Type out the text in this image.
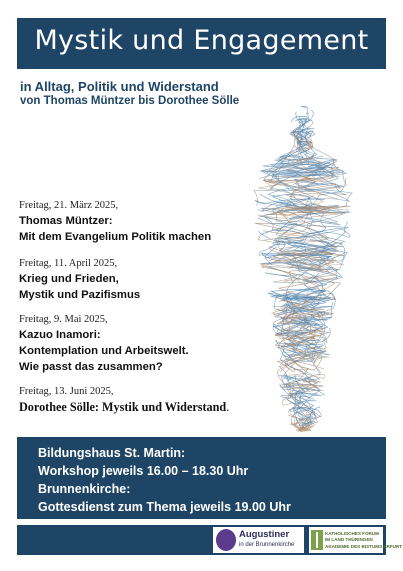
Mystik und Engagement
in Alltag, Politik und Widerstand
von Thomas Müntzer bis Dorothee Sölle
Freitag, 21. März 2025,
Thomas Müntzer:
Mit dem Evangelium Politik machen
Freitag, 11. April 2025,
Krieg und Frieden,
Mystik und Pazifismus
Freitag, 9. Mai 2025,
Kazuo Inamori:
Kontemplation und Arbeitswelt.
Wie passt das zusammen?
Freitag, 13. Juni 2025,
Dorothee Sölle: Mystik und Widerstand.
Bildungshaus St. Martin:
Workshop jeweils 16.00 – 18.30 Uhr
Brunnenkirche:
Gottesdienst zum Thema jeweils 19.00 Uhr
Augustiner
in der Brunnenkirche
KATHOLISCHES FORUM
IM LAND THÜRINGEN
AKADEMIE DES BISTUMS ERFURT
